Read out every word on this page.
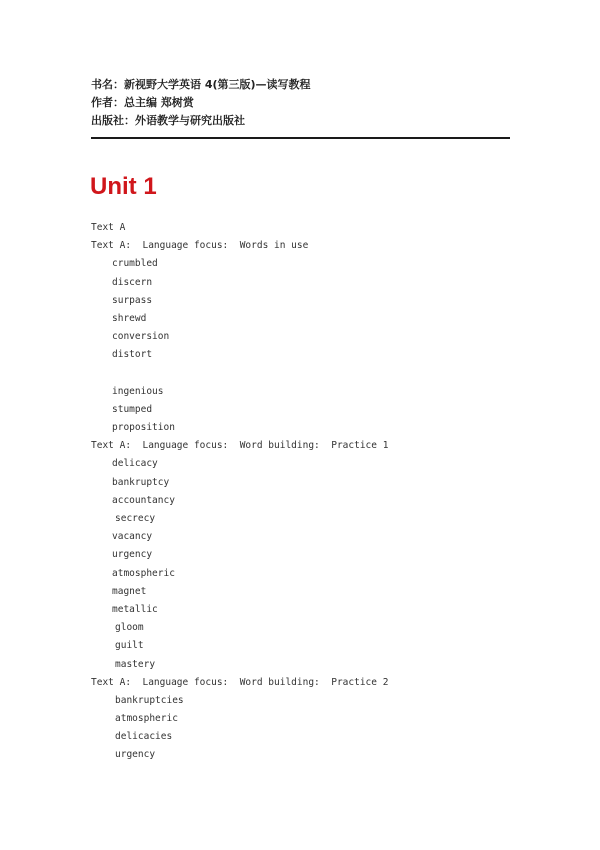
书名：新视野大学英语 4(第三版)—读写教程
作者：总主编 郑树赏
出版社：外语教学与研究出版社
Unit 1
Text A
Text A:  Language focus:  Words in use
crumbled
discern
surpass
shrewd
conversion
distort
ingenious
stumped
proposition
Text A:  Language focus:  Word building:  Practice 1
delicacy
bankruptcy
accountancy
secrecy
vacancy
urgency
atmospheric
magnet
metallic
gloom
guilt
mastery
Text A:  Language focus:  Word building:  Practice 2
bankruptcies
atmospheric
delicacies
urgency
